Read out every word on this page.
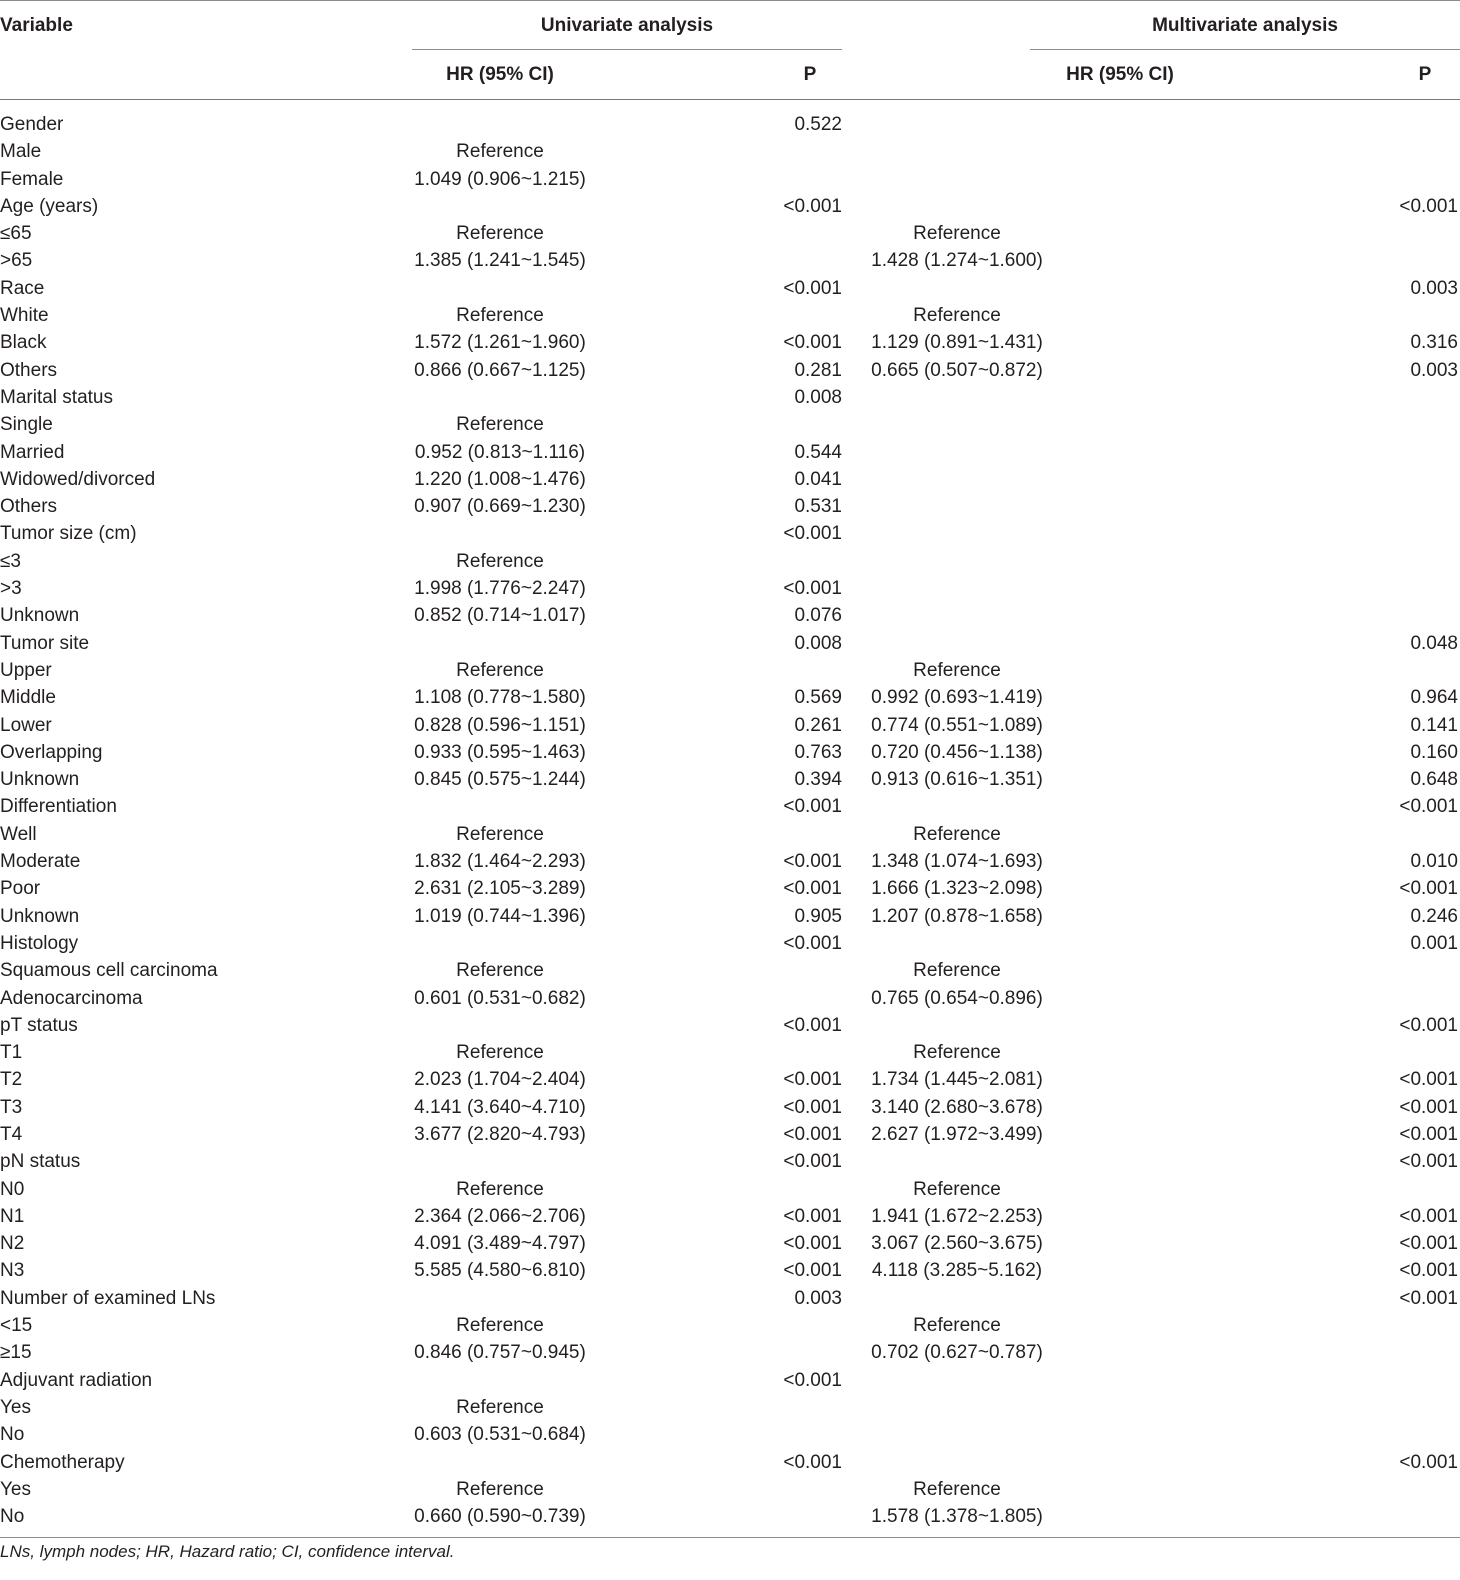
Variable	Univariate analysis	Multivariate analysis
HR (95% CI)	P	HR (95% CI)	P
Gender		0.522		
Male	Reference			
Female	1.049 (0.906~1.215)			
Age (years)		<0.001		<0.001
≤65	Reference		Reference	
>65	1.385 (1.241~1.545)		1.428 (1.274~1.600)	
Race		<0.001		0.003
White	Reference		Reference	
Black	1.572 (1.261~1.960)	<0.001	1.129 (0.891~1.431)	0.316
Others	0.866 (0.667~1.125)	0.281	0.665 (0.507~0.872)	0.003
Marital status		0.008		
Single	Reference			
Married	0.952 (0.813~1.116)	0.544		
Widowed/divorced	1.220 (1.008~1.476)	0.041		
Others	0.907 (0.669~1.230)	0.531		
Tumor size (cm)		<0.001		
≤3	Reference			
>3	1.998 (1.776~2.247)	<0.001		
Unknown	0.852 (0.714~1.017)	0.076		
Tumor site		0.008		0.048
Upper	Reference		Reference	
Middle	1.108 (0.778~1.580)	0.569	0.992 (0.693~1.419)	0.964
Lower	0.828 (0.596~1.151)	0.261	0.774 (0.551~1.089)	0.141
Overlapping	0.933 (0.595~1.463)	0.763	0.720 (0.456~1.138)	0.160
Unknown	0.845 (0.575~1.244)	0.394	0.913 (0.616~1.351)	0.648
Differentiation		<0.001		<0.001
Well	Reference		Reference	
Moderate	1.832 (1.464~2.293)	<0.001	1.348 (1.074~1.693)	0.010
Poor	2.631 (2.105~3.289)	<0.001	1.666 (1.323~2.098)	<0.001
Unknown	1.019 (0.744~1.396)	0.905	1.207 (0.878~1.658)	0.246
Histology		<0.001		0.001
Squamous cell carcinoma	Reference		Reference	
Adenocarcinoma	0.601 (0.531~0.682)		0.765 (0.654~0.896)	
pT status		<0.001		<0.001
T1	Reference		Reference	
T2	2.023 (1.704~2.404)	<0.001	1.734 (1.445~2.081)	<0.001
T3	4.141 (3.640~4.710)	<0.001	3.140 (2.680~3.678)	<0.001
T4	3.677 (2.820~4.793)	<0.001	2.627 (1.972~3.499)	<0.001
pN status		<0.001		<0.001
N0	Reference		Reference	
N1	2.364 (2.066~2.706)	<0.001	1.941 (1.672~2.253)	<0.001
N2	4.091 (3.489~4.797)	<0.001	3.067 (2.560~3.675)	<0.001
N3	5.585 (4.580~6.810)	<0.001	4.118 (3.285~5.162)	<0.001
Number of examined LNs		0.003		<0.001
<15	Reference		Reference	
≥15	0.846 (0.757~0.945)		0.702 (0.627~0.787)	
Adjuvant radiation		<0.001		
Yes	Reference			
No	0.603 (0.531~0.684)			
Chemotherapy		<0.001		<0.001
Yes	Reference		Reference	
No	0.660 (0.590~0.739)		1.578 (1.378~1.805)	
LNs, lymph nodes; HR, Hazard ratio; CI, confidence interval.
